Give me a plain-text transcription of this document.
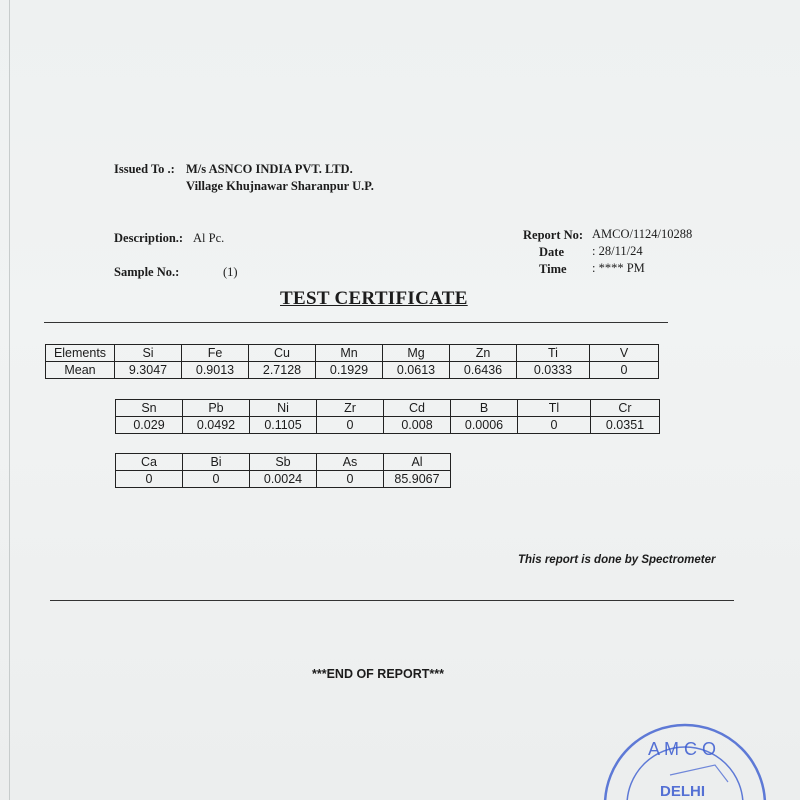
Issued To .: M/s ASNCO INDIA PVT. LTD.
Village Khujnawar Sharanpur U.P.
Description.: Al Pc.
Sample No.:	(1)
Report No: AMCO/1124/10288
Date : 28/11/24
Time : **** PM
TEST CERTIFICATE
Elements	Si	Fe	Cu	Mn	Mg	Zn	Ti	V
Mean	9.3047	0.9013	2.7128	0.1929	0.0613	0.6436	0.0333	0
Sn	Pb	Ni	Zr	Cd	B	Tl	Cr
0.029	0.0492	0.1105	0	0.008	0.0006	0	0.0351
Ca	Bi	Sb	As	Al
0	0	0.0024	0	85.9067
This report is done by Spectrometer
***END OF REPORT***
A M C O
DELHI
